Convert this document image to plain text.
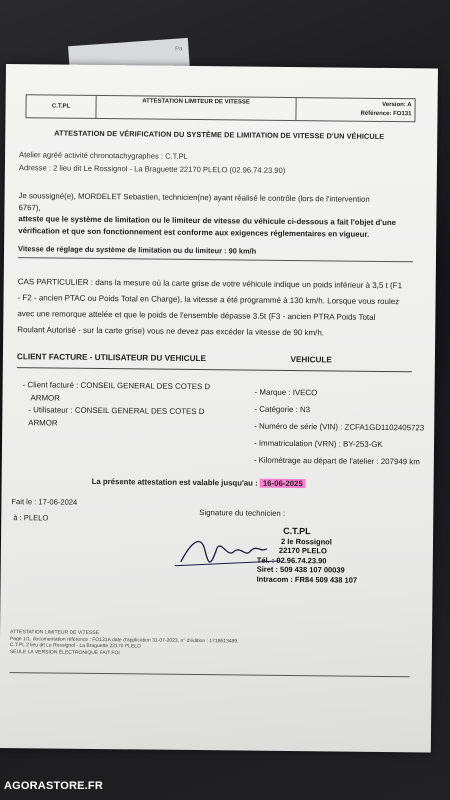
Pa
C.T.PL
ATTESTATION LIMITEUR DE VITESSE	Version: A
Référence: FO131
ATTESTATION DE VÉRIFICATION DU SYSTÈME DE LIMITATION DE VITESSE D'UN VÉHICULE
Atelier agréé activité chronotachygraphes : C.T.PL
Adresse : 2 lieu dit Le Rossignol - La Braguette 22170 PLELO (02.96.74.23.90)
Je soussigné(e), MORDELET Sebastien, technicien(ne) ayant réalisé le contrôle (lors de l'intervention
6767),
atteste que le système de limitation ou le limiteur de vitesse du véhicule ci-dessous a fait l'objet d'une
vérification et que son fonctionnement est conforme aux exigences réglementaires en vigueur.
Vitesse de réglage du système de limitation ou du limiteur : 90 km/h
CAS PARTICULIER : dans la mesure où la carte grise de votre véhicule indique un poids inférieur à 3,5 t (F1
- F2 - ancien PTAC ou Poids Total en Charge), la vitesse a été programmé à 130 km/h. Lorsque vous roulez
avec une remorque attelée et que le poids de l'ensemble dépasse 3.5t (F3 - ancien PTRA Poids Total
Roulant Autorisé - sur la carte grise) vous ne devez pas excéder la vitesse de 90 km/h.
CLIENT FACTURE - UTILISATEUR DU VEHICULE	VEHICULE
- Client facturé : CONSEIL GENERAL DES COTES D
ARMOR
- Utilisateur : CONSEIL GENERAL DES COTES D
ARMOR
- Marque : IVECO
- Catégorie : N3
- Numéro de série (VIN) : ZCFA1GD1102405723
- Immatriculation (VRN) : BY-253-GK
- Kilométrage au départ de l'atelier : 207949 km
La présente attestation est valable jusqu'au : 16-06-2025
Fait le : 17-06-2024
à : PLELO	Signature du technicien :
C.T.PL
2 le Rossignol
22170 PLELO
Tél. : 02.96.74.23.90
Siret : 509 438 107 00039
Intracom : FR84 509 438 107
ATTESTATION LIMITEUR DE VITESSE
Page 1/1, documentation référence : FO131A date d'application 31-07-2023, n° d'édition : 1718613489,
C.T.PL 2 lieu dit Le Rossignol - La Braguette 22170 PLELO
SEULE LA VERSION ÉLECTRONIQUE FAIT FOI
AGORASTORE.FR
